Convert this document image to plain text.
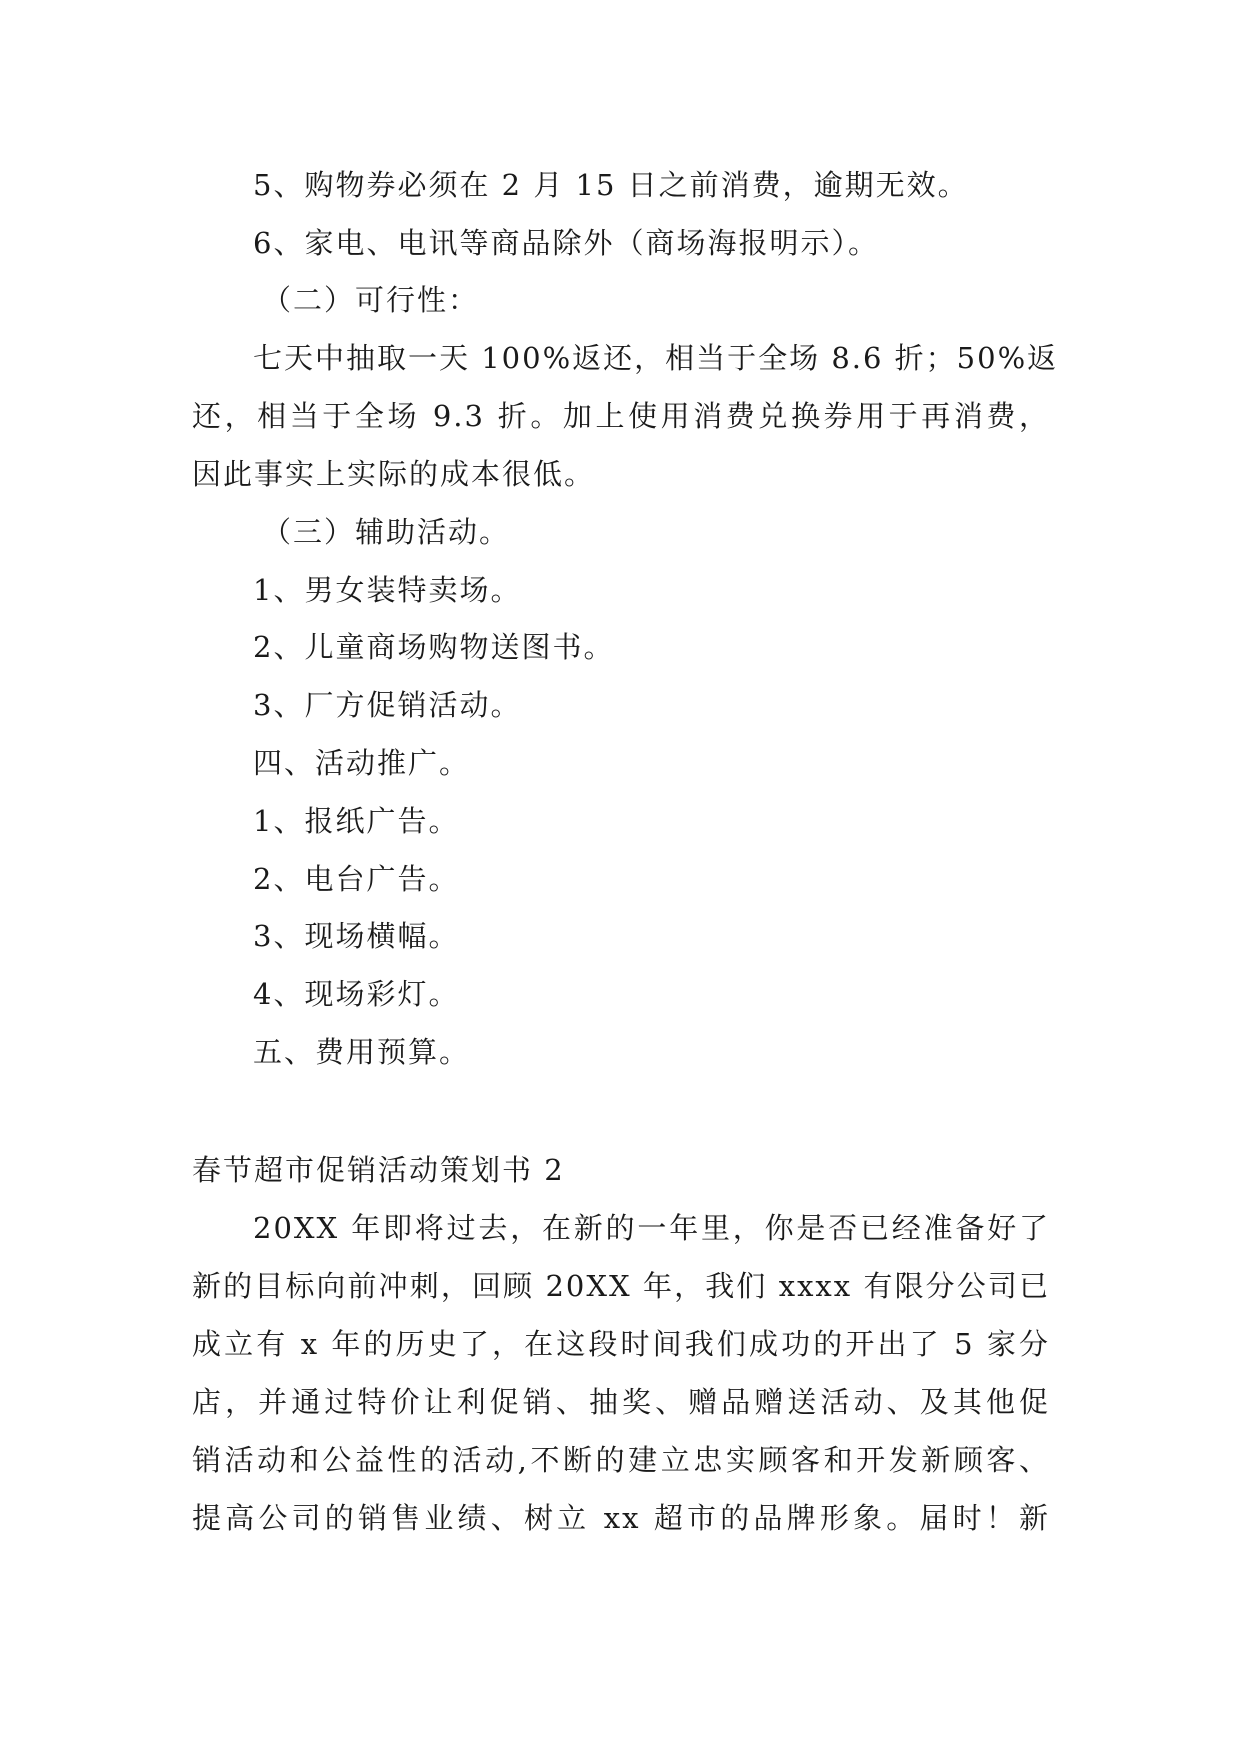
5、购物券必须在 2 月 15 日之前消费，逾期无效。
6、家电、电讯等商品除外（商场海报明示）。
（二）可行性：
七天中抽取一天 100%返还，相当于全场 8.6 折；50%返
还，相当于全场 9.3 折。加上使用消费兑换券用于再消费，
因此事实上实际的成本很低。
（三）辅助活动。
1、男女装特卖场。
2、儿童商场购物送图书。
3、厂方促销活动。
四、活动推广。
1、报纸广告。
2、电台广告。
3、现场横幅。
4、现场彩灯。
五、费用预算。
春节超市促销活动策划书 2
20XX 年即将过去，在新的一年里，你是否已经准备好了
新的目标向前冲刺，回顾 20XX 年，我们 xxxx 有限分公司已
成立有 x 年的历史了，在这段时间我们成功的开出了 5 家分
店，并通过特价让利促销、抽奖、赠品赠送活动、及其他促
销活动和公益性的活动,不断的建立忠实顾客和开发新顾客、
提高公司的销售业绩、树立 xx 超市的品牌形象。届时！新
